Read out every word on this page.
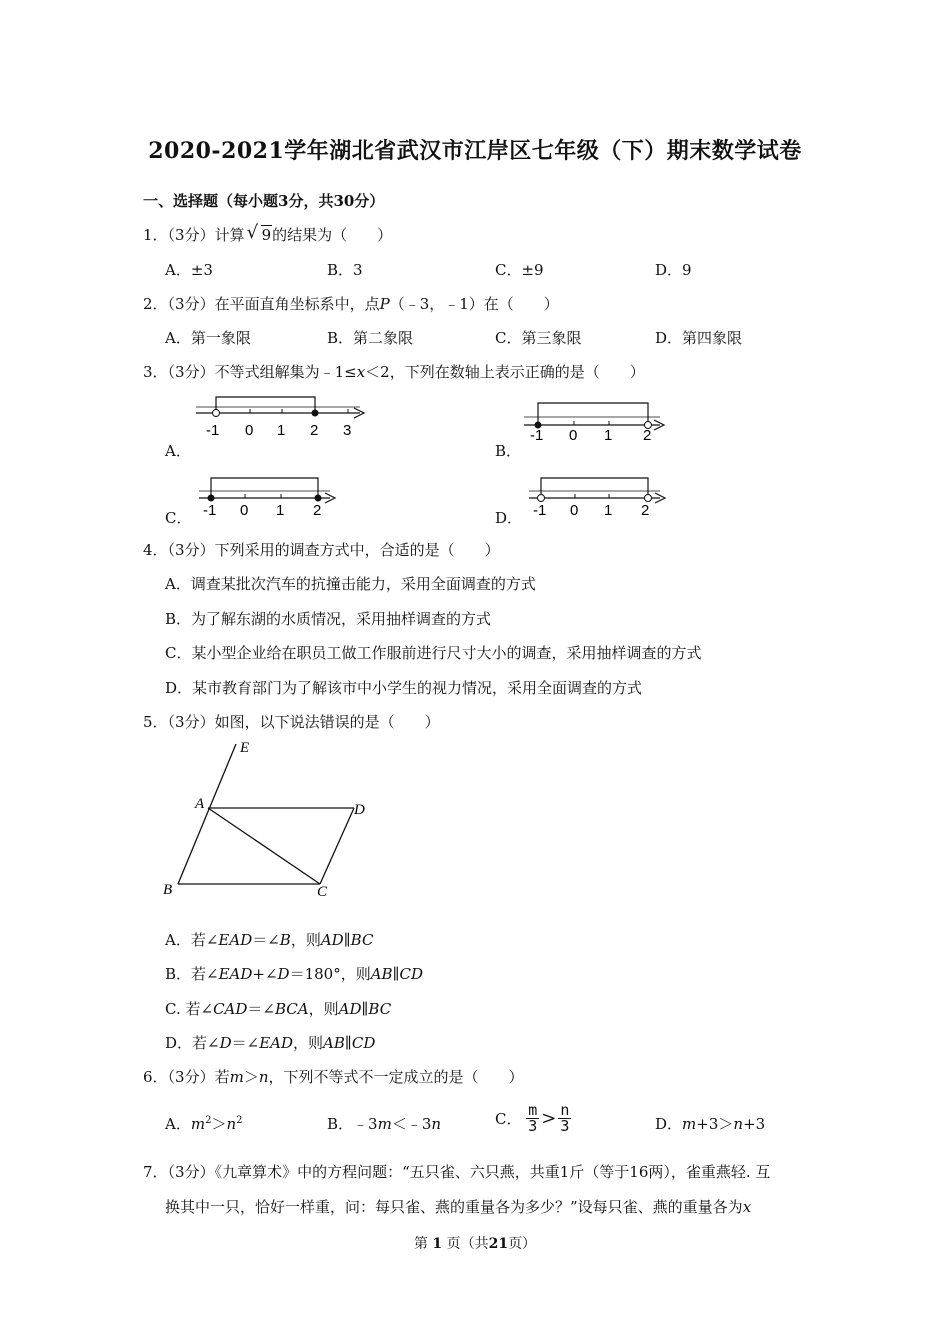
2020-2021学年湖北省武汉市江岸区七年级（下）期末数学试卷
一、选择题（每小题3分，共30分）
1．（3分）计算 √ 9的结果为（　　）
A．±3	B．3	C．±9	D．9
2．（3分）在平面直角坐标系中，点P（﹣3，﹣1）在（　　）
A．第一象限	B．第二象限	C．第三象限	D．第四象限
3．（3分）不等式组解集为﹣1≤x＜2，下列在数轴上表示正确的是（　　）
A．	B．
C．	D．
-1 0 1 2 3	-1 0 1 2
-1 0 1 2	-1 0 1 2
4．（3分）下列采用的调查方式中，合适的是（　　）
A．调查某批次汽车的抗撞击能力，采用全面调查的方式
B．为了解东湖的水质情况，采用抽样调查的方式
C．某小型企业给在职员工做工作服前进行尺寸大小的调查，采用抽样调查的方式
D．某市教育部门为了解该市中小学生的视力情况，采用全面调查的方式
5．（3分）如图，以下说法错误的是（　　）
E
A	D
B	C
A．若∠EAD＝∠B，则AD∥BC
B．若∠EAD+∠D＝180°，则AB∥CD
C. 若∠CAD＝∠BCA，则AD∥BC
D．若∠D＝∠EAD，则AB∥CD
6．（3分）若m＞n，下列不等式不一定成立的是（　　）
A．$m^2>n^2$	B．﹣3m＜﹣3n	C． $\frac{m}{3} > \frac{n}{3}$	D．m+3＞n+3
7．（3分）《九章算术》中的方程问题：“五只雀、六只燕，共重1斤（等于16两），雀重燕轻. 互
换其中一只，恰好一样重，问：每只雀、燕的重量各为多少？”设每只雀、燕的重量各为x
第 1 页（共21页）
